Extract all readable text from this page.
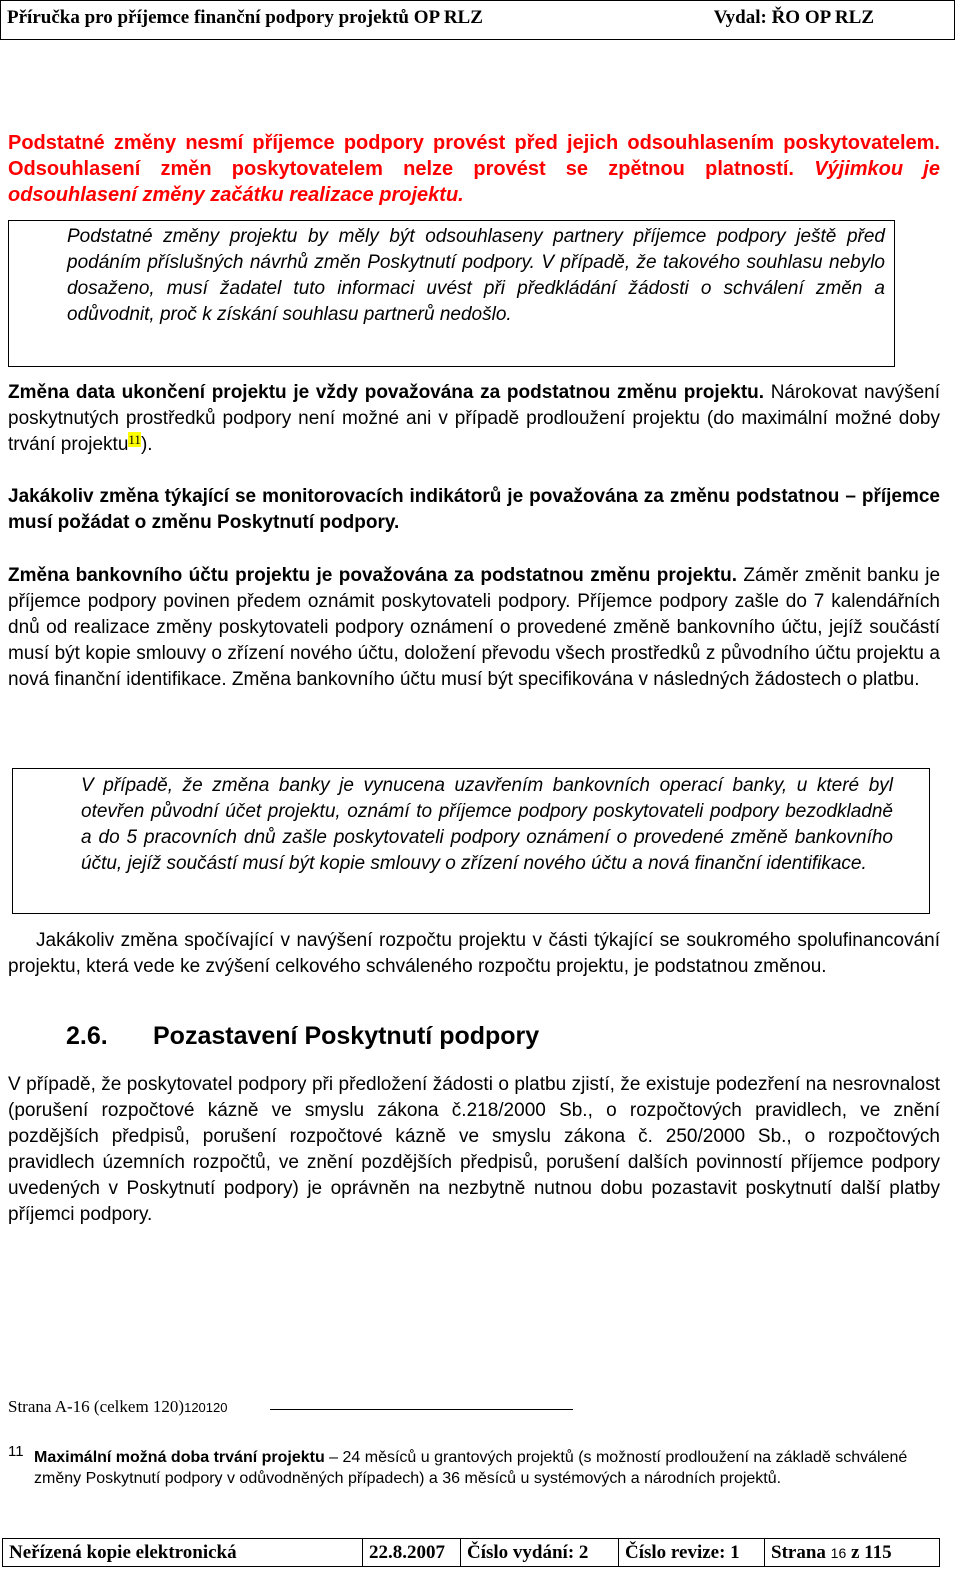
Příručka pro příjemce finanční podpory projektů OP RLZ	Vydal: ŘO OP RLZ
Podstatné změny nesmí příjemce podpory provést před jejich odsouhlasením poskytovatelem. Odsouhlasení změn poskytovatelem nelze provést se zpětnou platností. Výjimkou je odsouhlasení změny začátku realizace projektu.
Podstatné změny projektu by měly být odsouhlaseny partnery příjemce podpory ještě před podáním příslušných návrhů změn Poskytnutí podpory. V případě, že takového souhlasu nebylo dosaženo, musí žadatel tuto informaci uvést při předkládání žádosti o schválení změn a odůvodnit, proč k získání souhlasu partnerů nedošlo.
Změna data ukončení projektu je vždy považována za podstatnou změnu projektu. Nárokovat navýšení poskytnutých prostředků podpory není možné ani v případě prodloužení projektu (do maximální možné doby trvání projektu$^{11}$).
Jakákoliv změna týkající se monitorovacích indikátorů je považována za změnu podstatnou – příjemce musí požádat o změnu Poskytnutí podpory.
Změna bankovního účtu projektu je považována za podstatnou změnu projektu. Záměr změnit banku je příjemce podpory povinen předem oznámit poskytovateli podpory. Příjemce podpory zašle do 7 kalendářních dnů od realizace změny poskytovateli podpory oznámení o provedené změně bankovního účtu, jejíž součástí musí být kopie smlouvy o zřízení nového účtu, doložení převodu všech prostředků z původního účtu projektu a nová finanční identifikace. Změna bankovního účtu musí být specifikována v následných žádostech o platbu.
V případě, že změna banky je vynucena uzavřením bankovních operací banky, u které byl otevřen původní účet projektu, oznámí to příjemce podpory poskytovateli podpory bezodkladně a do 5 pracovních dnů zašle poskytovateli podpory oznámení o provedené změně bankovního účtu, jejíž součástí musí být kopie smlouvy o zřízení nového účtu a nová finanční identifikace.
Jakákoliv změna spočívající v navýšení rozpočtu projektu v části týkající se soukromého spolufinancování projektu, která vede ke zvýšení celkového schváleného rozpočtu projektu, je podstatnou změnou.
2.6. Pozastavení Poskytnutí podpory
V případě, že poskytovatel podpory při předložení žádosti o platbu zjistí, že existuje podezření na nesrovnalost (porušení rozpočtové kázně ve smyslu zákona č.218/2000 Sb., o rozpočtových pravidlech, ve znění pozdějších předpisů, porušení rozpočtové kázně ve smyslu zákona č. 250/2000 Sb., o rozpočtových pravidlech územních rozpočtů, ve znění pozdějších předpisů, porušení dalších povinností příjemce podpory uvedených v Poskytnutí podpory) je oprávněn na nezbytně nutnou dobu pozastavit poskytnutí další platby příjemci podpory.
Strana A-16 (celkem 120)120120
11 Maximální možná doba trvání projektu – 24 měsíců u grantových projektů (s možností prodloužení na základě schválené změny Poskytnutí podpory v odůvodněných případech) a 36 měsíců u systémových a národních projektů.
Neřízená kopie elektronická	22.8.2007	Číslo vydání: 2	Číslo revize: 1	Strana 16 z 115
